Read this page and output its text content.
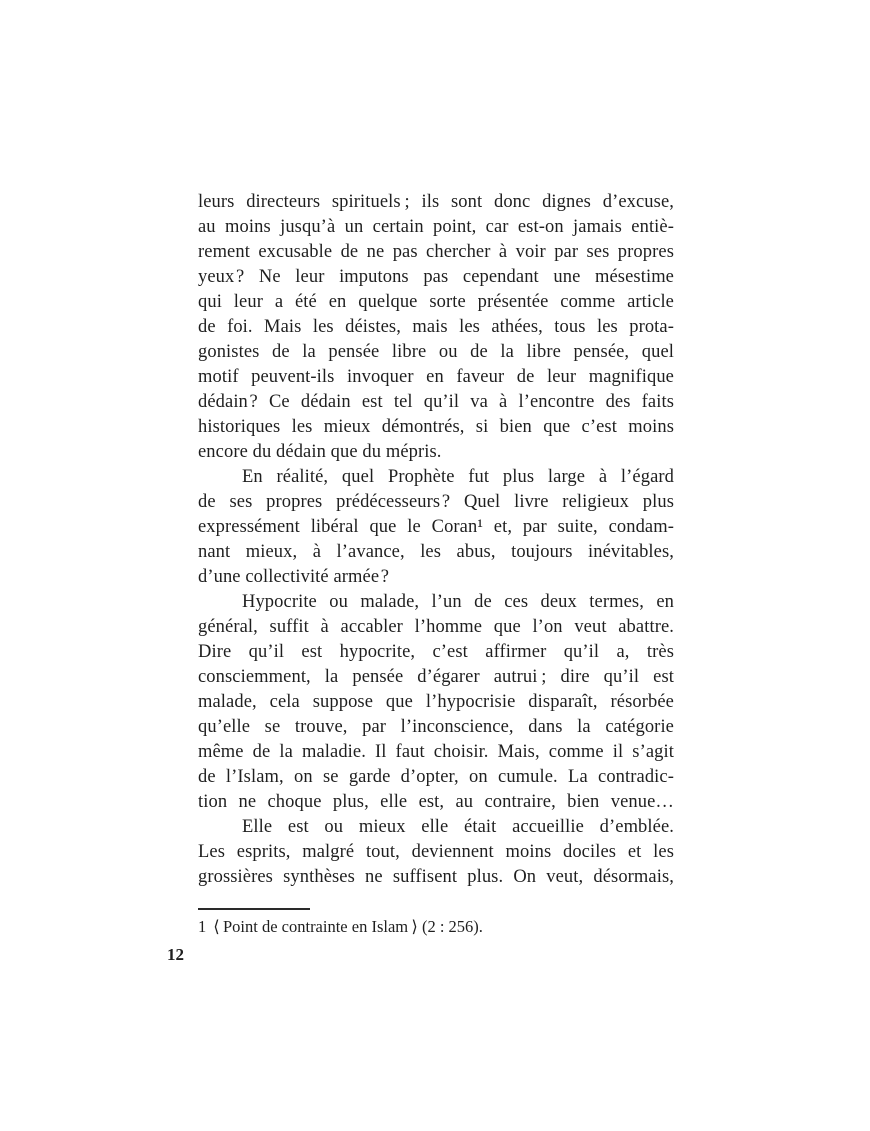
leurs directeurs spirituels ; ils sont donc dignes d’excuse,
au moins jusqu’à un certain point, car est-on jamais entiè-
rement excusable de ne pas chercher à voir par ses propres
yeux ? Ne leur imputons pas cependant une mésestime
qui leur a été en quelque sorte présentée comme article
de foi. Mais les déistes, mais les athées, tous les prota-
gonistes de la pensée libre ou de la libre pensée, quel
motif peuvent-ils invoquer en faveur de leur magnifique
dédain ? Ce dédain est tel qu’il va à l’encontre des faits
historiques les mieux démontrés, si bien que c’est moins
encore du dédain que du mépris.
En réalité, quel Prophète fut plus large à l’égard
de ses propres prédécesseurs ? Quel livre religieux plus
expressément libéral que le Coran¹ et, par suite, condam-
nant mieux, à l’avance, les abus, toujours inévitables,
d’une collectivité armée ?
Hypocrite ou malade, l’un de ces deux termes, en
général, suffit à accabler l’homme que l’on veut abattre.
Dire qu’il est hypocrite, c’est affirmer qu’il a, très
consciemment, la pensée d’égarer autrui ; dire qu’il est
malade, cela suppose que l’hypocrisie disparaît, résorbée
qu’elle se trouve, par l’inconscience, dans la catégorie
même de la maladie. Il faut choisir. Mais, comme il s’agit
de l’Islam, on se garde d’opter, on cumule. La contradic-
tion ne choque plus, elle est, au contraire, bien venue…
Elle est ou mieux elle était accueillie d’emblée.
Les esprits, malgré tout, deviennent moins dociles et les
grossières synthèses ne suffisent plus. On veut, désormais,
1 ⟨ Point de contrainte en Islam ⟩ (2 : 256).
12
